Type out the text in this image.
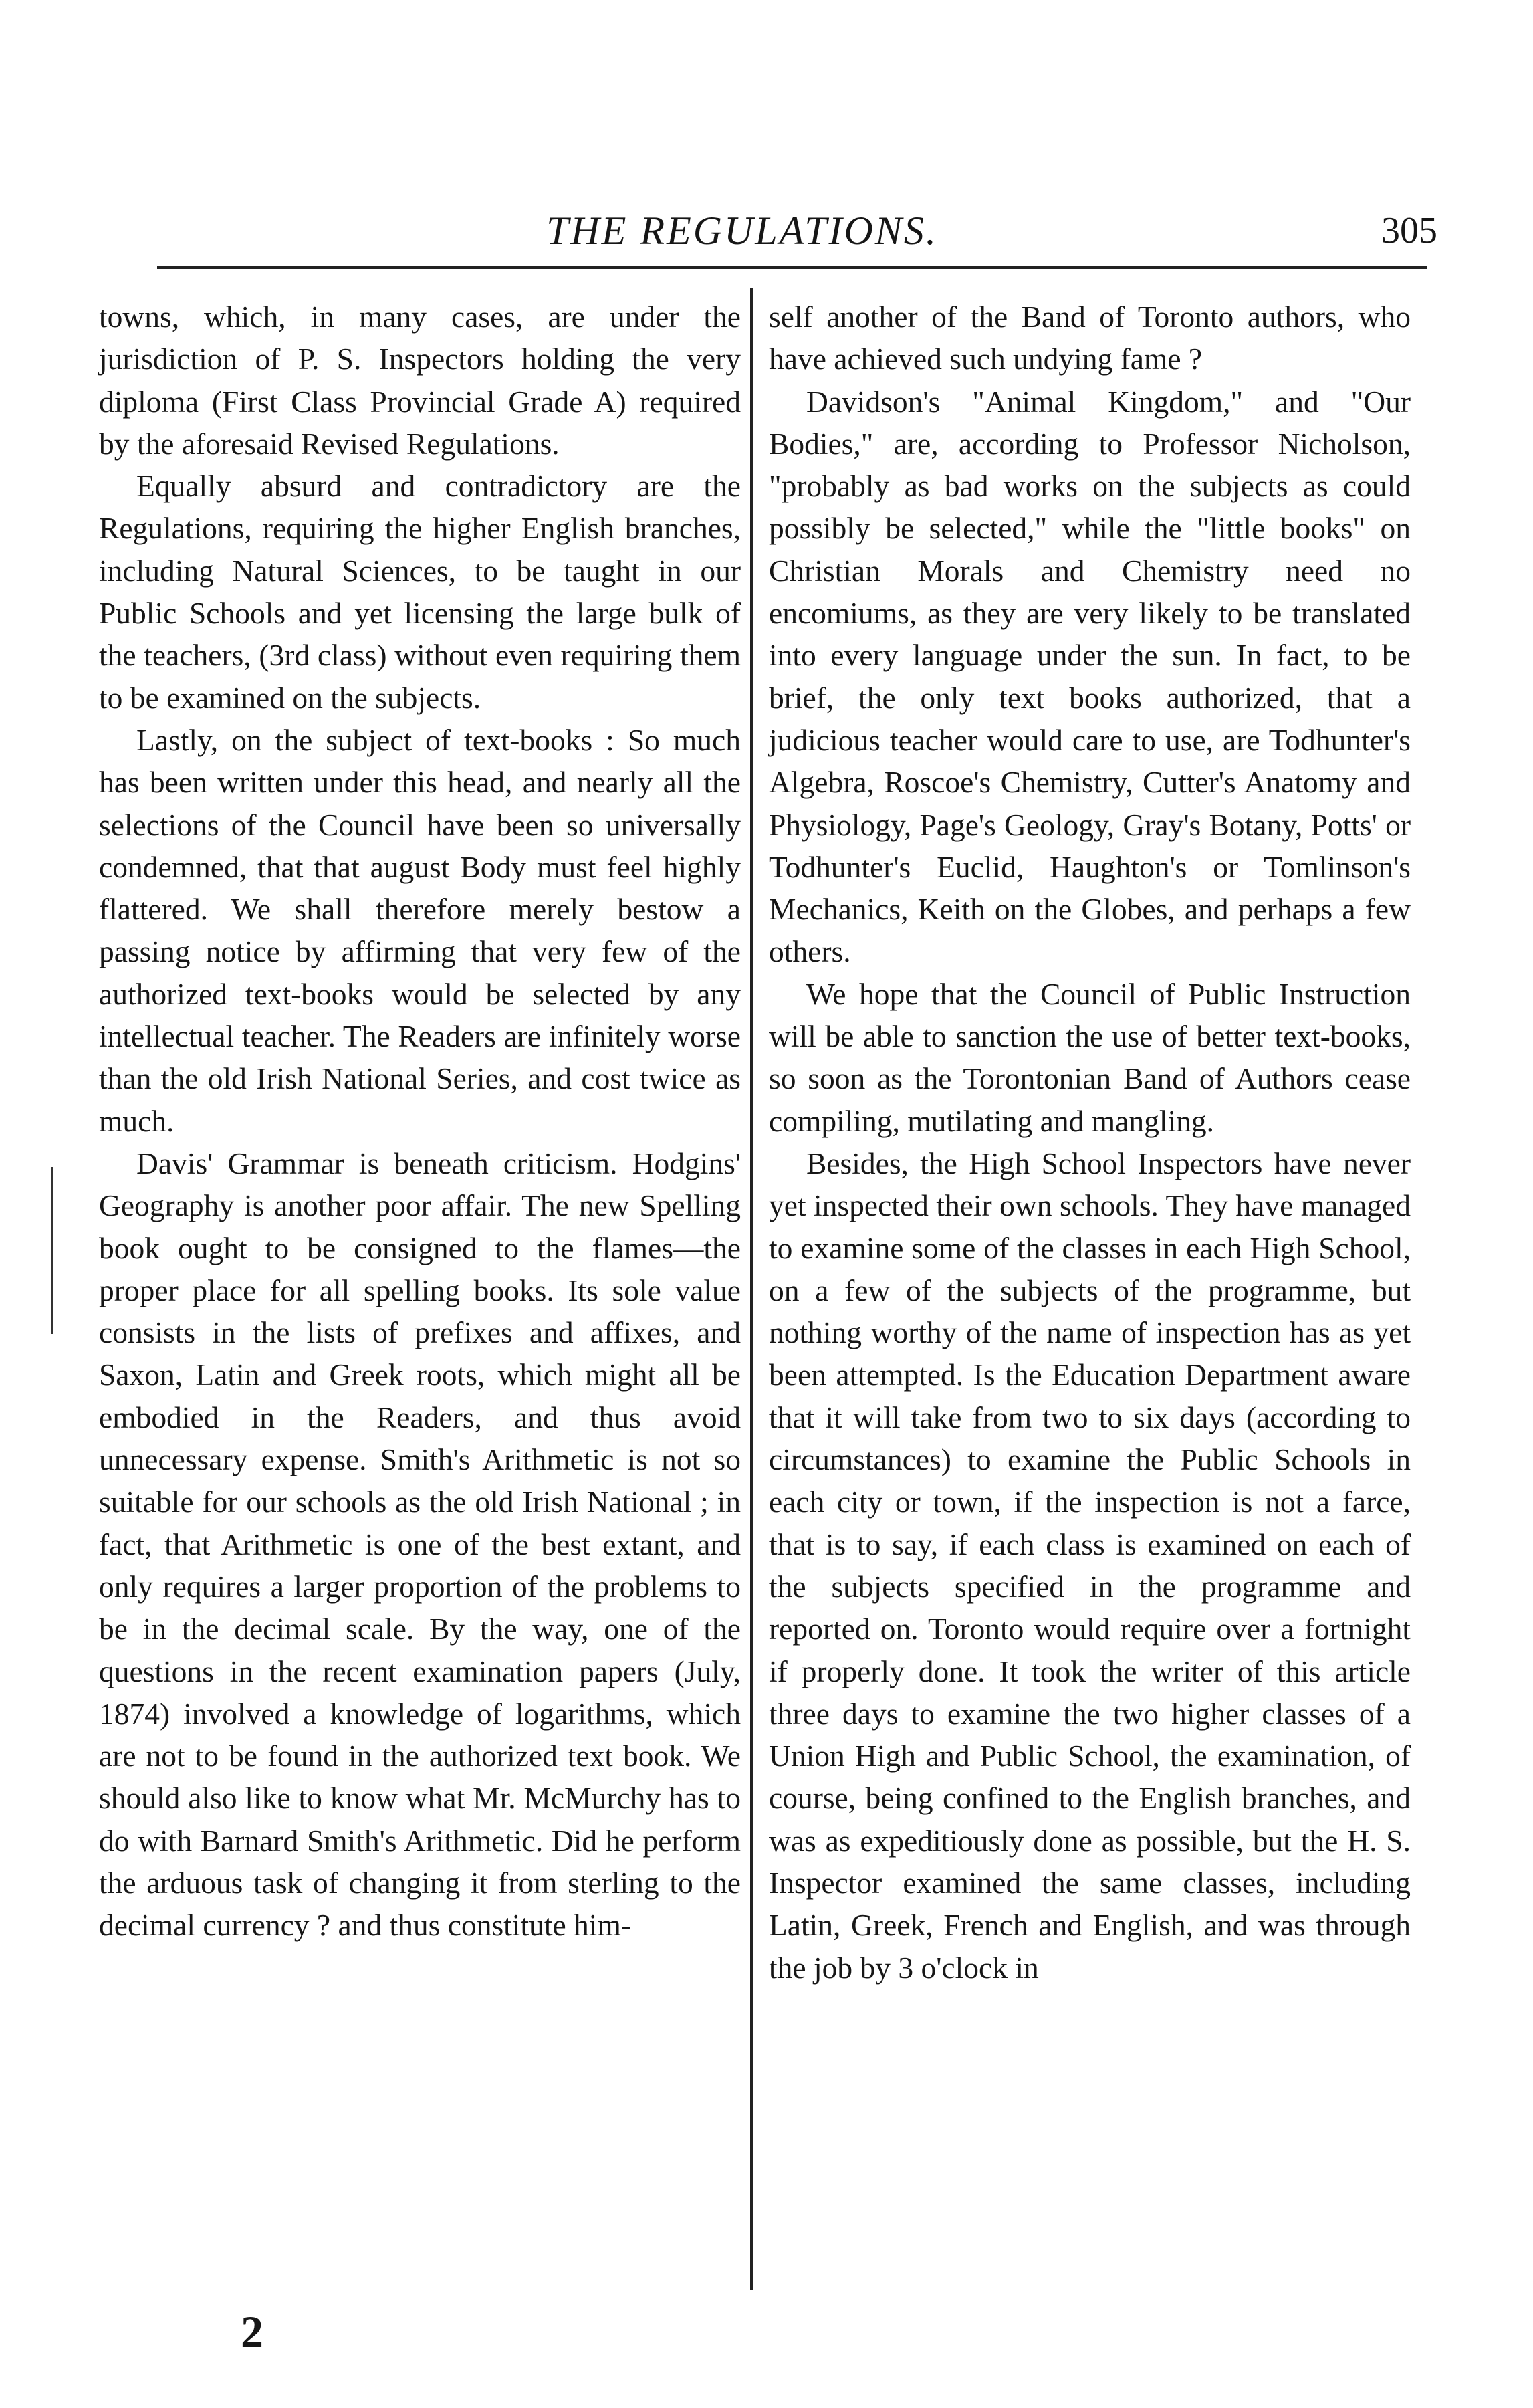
THE REGULATIONS.	305

towns, which, in many cases, are under the jurisdiction of P. S. Inspectors holding the very diploma (First Class Provincial Grade A) required by the aforesaid Revised Regulations.

Equally absurd and contradictory are the Regulations, requiring the higher English branches, including Natural Sciences, to be taught in our Public Schools and yet licensing the large bulk of the teachers, (3rd class) without even requiring them to be examined on the subjects.

Lastly, on the subject of text-books : So much has been written under this head, and nearly all the selections of the Council have been so universally condemned, that that august Body must feel highly flattered. We shall therefore merely bestow a passing notice by affirming that very few of the authorized text-books would be selected by any intellectual teacher. The Readers are infinitely worse than the old Irish National Series, and cost twice as much.

Davis' Grammar is beneath criticism. Hodgins' Geography is another poor affair. The new Spelling book ought to be consigned to the flames—the proper place for all spelling books. Its sole value consists in the lists of prefixes and affixes, and Saxon, Latin and Greek roots, which might all be embodied in the Readers, and thus avoid unnecessary expense. Smith's Arithmetic is not so suitable for our schools as the old Irish National ; in fact, that Arithmetic is one of the best extant, and only requires a larger proportion of the problems to be in the decimal scale. By the way, one of the questions in the recent examination papers (July, 1874) involved a knowledge of logarithms, which are not to be found in the authorized text book. We should also like to know what Mr. McMurchy has to do with Barnard Smith's Arithmetic. Did he perform the arduous task of changing it from sterling to the decimal currency ? and thus constitute him-

self another of the Band of Toronto authors, who have achieved such undying fame ?

Davidson's "Animal Kingdom," and "Our Bodies," are, according to Professor Nicholson, "probably as bad works on the subjects as could possibly be selected," while the "little books" on Christian Morals and Chemistry need no encomiums, as they are very likely to be translated into every language under the sun. In fact, to be brief, the only text books authorized, that a judicious teacher would care to use, are Todhunter's Algebra, Roscoe's Chemistry, Cutter's Anatomy and Physiology, Page's Geology, Gray's Botany, Potts' or Todhunter's Euclid, Haughton's or Tomlinson's Mechanics, Keith on the Globes, and perhaps a few others.

We hope that the Council of Public Instruction will be able to sanction the use of better text-books, so soon as the Torontonian Band of Authors cease compiling, mutilating and mangling.

Besides, the High School Inspectors have never yet inspected their own schools. They have managed to examine some of the classes in each High School, on a few of the subjects of the programme, but nothing worthy of the name of inspection has as yet been attempted. Is the Education Department aware that it will take from two to six days (according to circumstances) to examine the Public Schools in each city or town, if the inspection is not a farce, that is to say, if each class is examined on each of the subjects specified in the programme and reported on. Toronto would require over a fortnight if properly done. It took the writer of this article three days to examine the two higher classes of a Union High and Public School, the examination, of course, being confined to the English branches, and was as expeditiously done as possible, but the H. S. Inspector examined the same classes, including Latin, Greek, French and English, and was through the job by 3 o'clock in

2
